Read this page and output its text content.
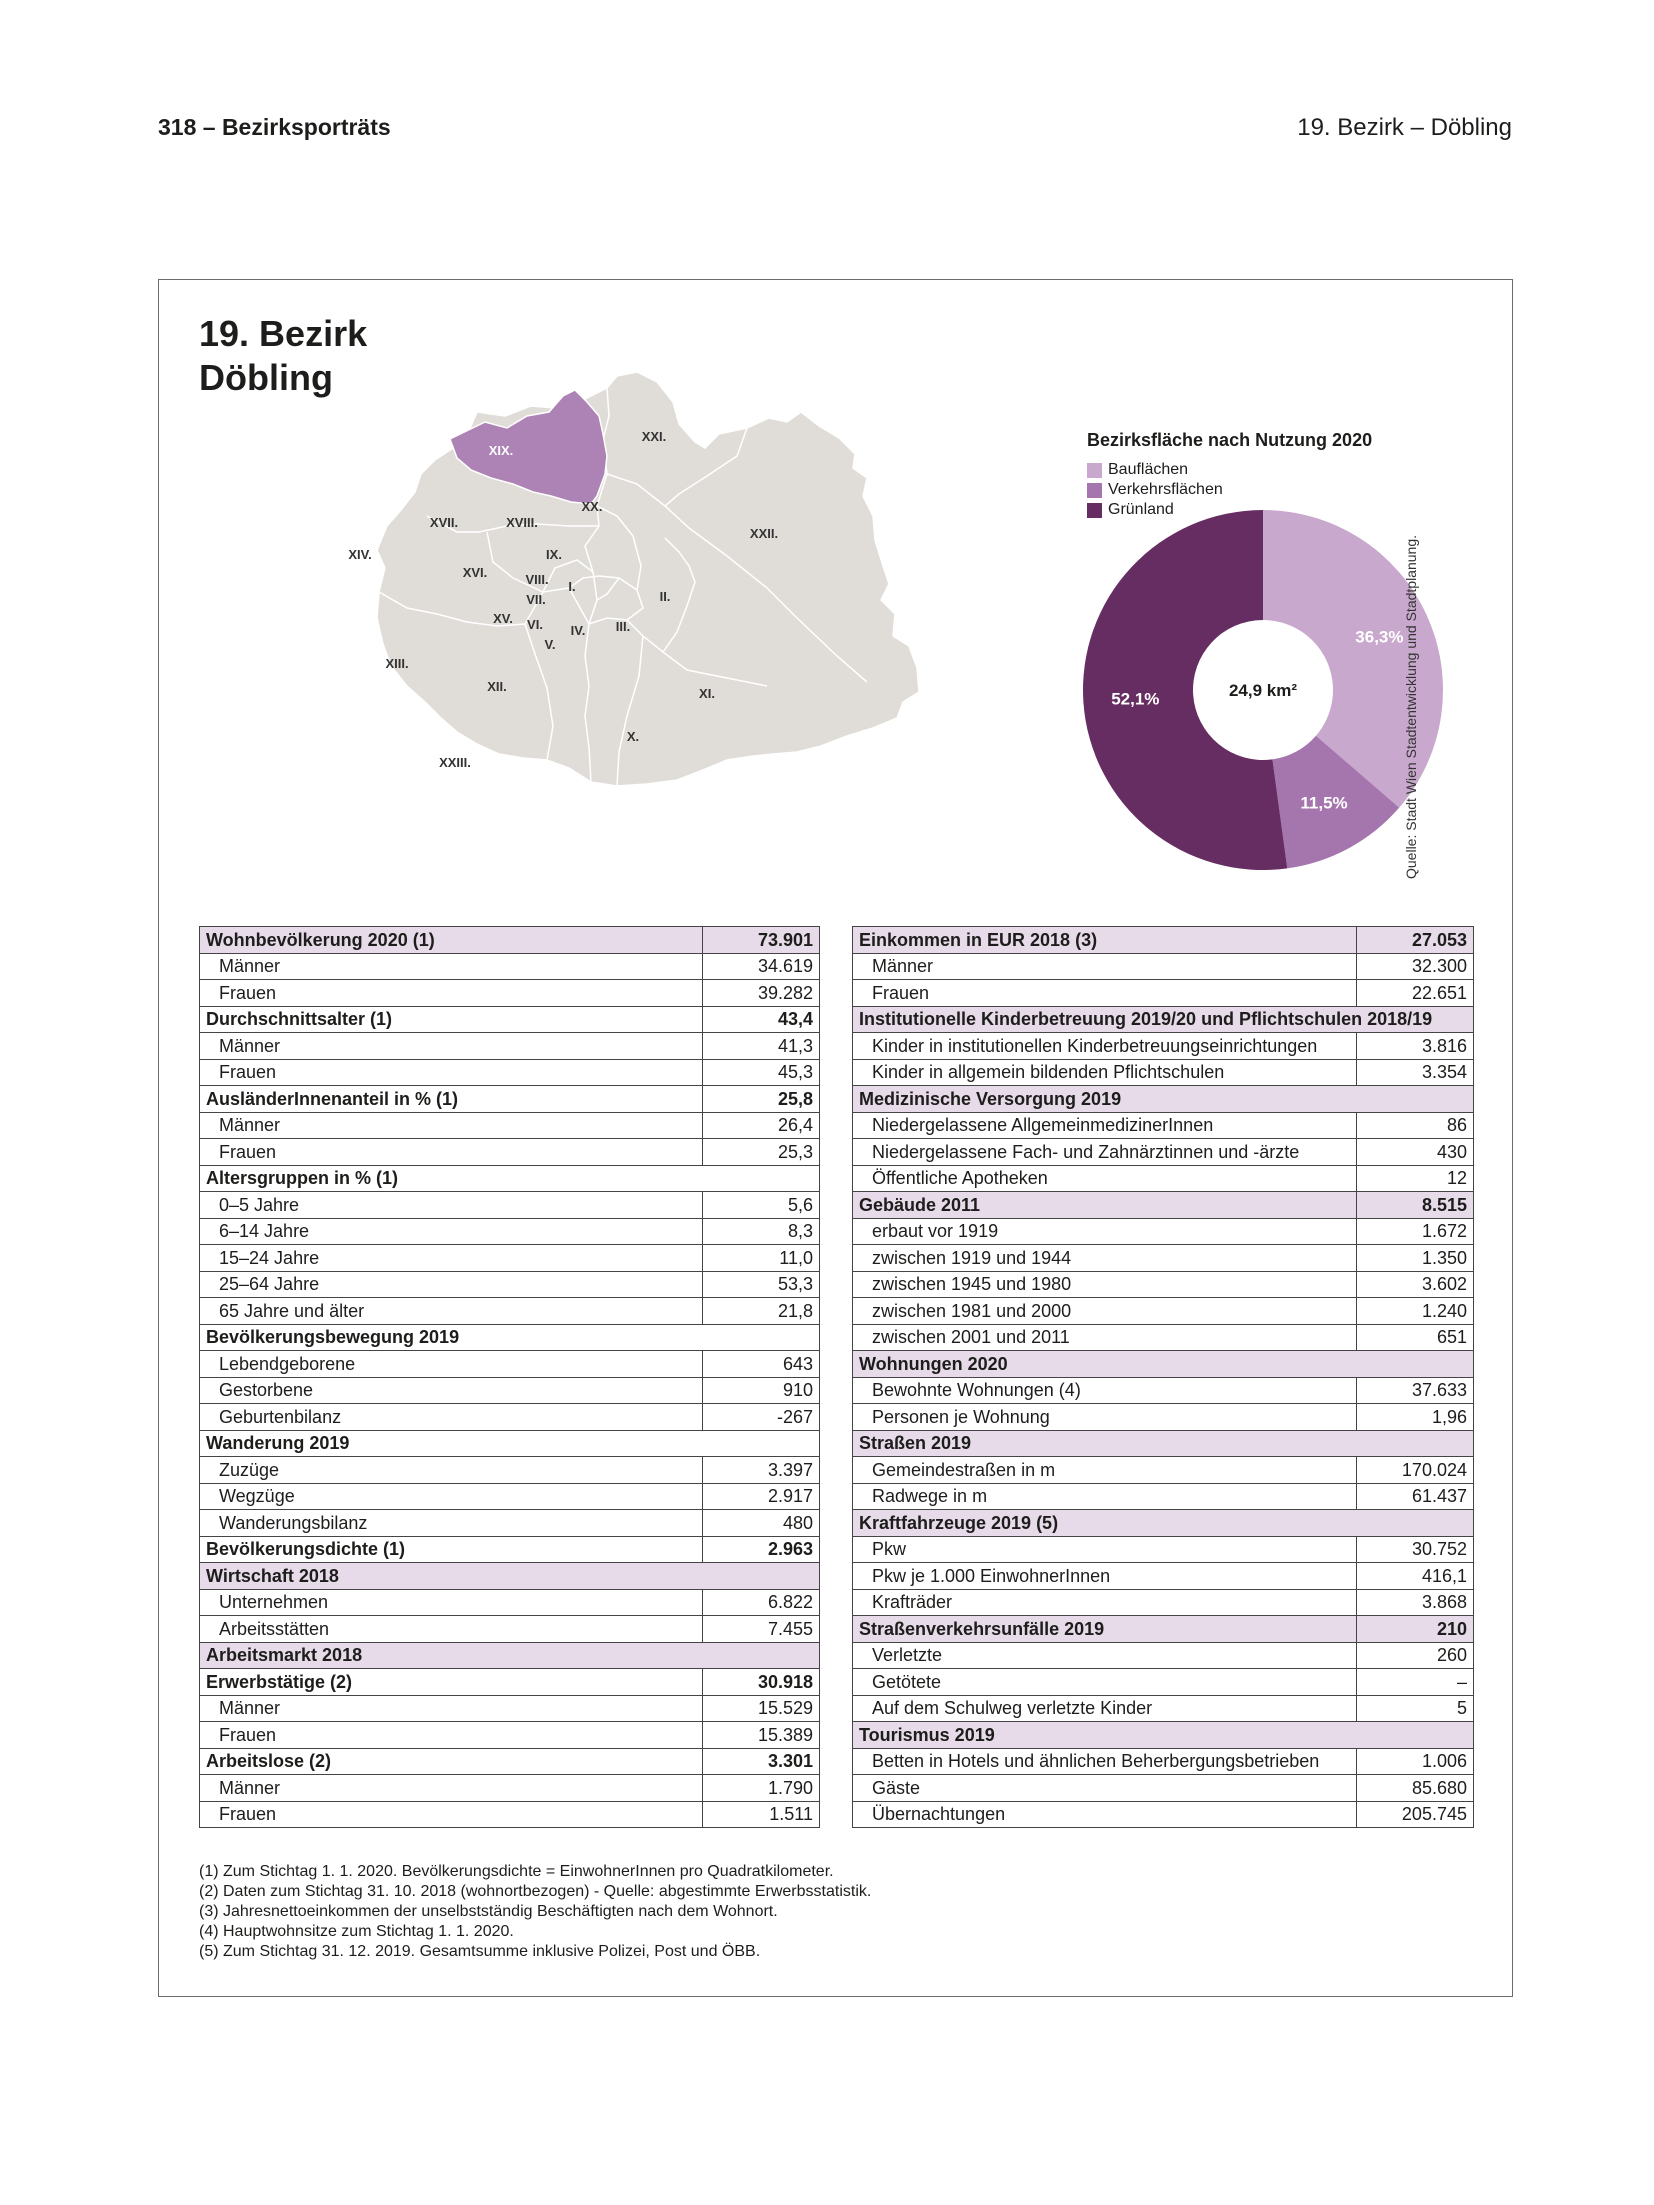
318 – Bezirksporträts	19. Bezirk – Döbling
19. Bezirk
Döbling
XIX.
XXI.
XX.
XXII.
XVII.	XVIII.
XIV.
XVI.
IX.
VIII. I.
VII.	II.
XV. VI. IV. III.
V.
XIII.
XII.	XI.
X.
XXIII.
Bezirksfläche nach Nutzung 2020
Bauflächen
Verkehrsflächen
Grünland
36,3%
11,5%
52,1%	24,9 km²	Quelle: Stadt Wien Stadtentwicklung und Stadtplanung.
Wohnbevölkerung 2020 (1)	73.901
Männer	34.619
Frauen	39.282
Durchschnittsalter (1)	43,4
Männer	41,3
Frauen	45,3
AusländerInnenanteil in % (1)	25,8
Männer	26,4
Frauen	25,3
Altersgruppen in % (1)	
0–5 Jahre	5,6
6–14 Jahre	8,3
15–24 Jahre	11,0
25–64 Jahre	53,3
65 Jahre und älter	21,8
Bevölkerungsbewegung 2019	
Lebendgeborene	643
Gestorbene	910
Geburtenbilanz	-267
Wanderung 2019	
Zuzüge	3.397
Wegzüge	2.917
Wanderungsbilanz	480
Bevölkerungsdichte (1)	2.963
Wirtschaft 2018	
Unternehmen	6.822
Arbeitsstätten	7.455
Arbeitsmarkt 2018	
Erwerbstätige (2)	30.918
Männer	15.529
Frauen	15.389
Arbeitslose (2)	3.301
Männer	1.790
Frauen	1.511
Einkommen in EUR 2018 (3)	27.053
Männer	32.300
Frauen	22.651
Institutionelle Kinderbetreuung 2019/20 und Pflichtschulen 2018/19	
Kinder in institutionellen Kinderbetreuungseinrichtungen	3.816
Kinder in allgemein bildenden Pflichtschulen	3.354
Medizinische Versorgung 2019	
Niedergelassene AllgemeinmedizinerInnen	86
Niedergelassene Fach- und Zahnärztinnen und -ärzte	430
Öffentliche Apotheken	12
Gebäude 2011	8.515
erbaut vor 1919	1.672
zwischen 1919 und 1944	1.350
zwischen 1945 und 1980	3.602
zwischen 1981 und 2000	1.240
zwischen 2001 und 2011	651
Wohnungen 2020	
Bewohnte Wohnungen (4)	37.633
Personen je Wohnung	1,96
Straßen 2019	
Gemeindestraßen in m	170.024
Radwege in m	61.437
Kraftfahrzeuge 2019 (5)	
Pkw	30.752
Pkw je 1.000 EinwohnerInnen	416,1
Krafträder	3.868
Straßenverkehrsunfälle 2019	210
Verletzte	260
Getötete	–
Auf dem Schulweg verletzte Kinder	5
Tourismus 2019	
Betten in Hotels und ähnlichen Beherbergungsbetrieben	1.006
Gäste	85.680
Übernachtungen	205.745
(1) Zum Stichtag 1. 1. 2020. Bevölkerungsdichte = EinwohnerInnen pro Quadratkilometer.
(2) Daten zum Stichtag 31. 10. 2018 (wohnortbezogen) - Quelle: abgestimmte Erwerbsstatistik.
(3) Jahresnettoeinkommen der unselbstständig Beschäftigten nach dem Wohnort.
(4) Hauptwohnsitze zum Stichtag 1. 1. 2020.
(5) Zum Stichtag 31. 12. 2019. Gesamtsumme inklusive Polizei, Post und ÖBB.
